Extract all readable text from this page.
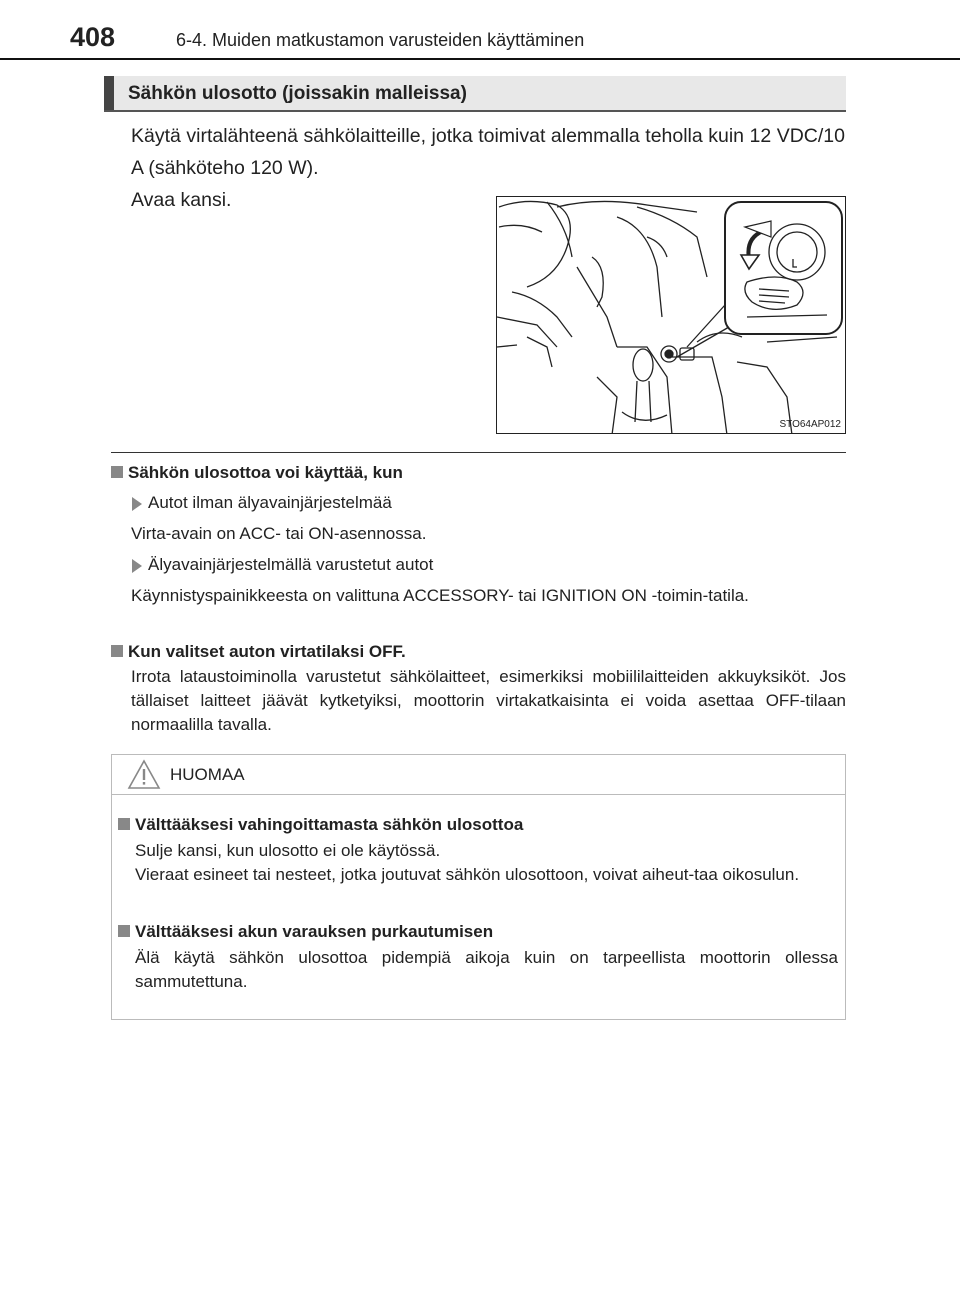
408	6-4. Muiden matkustamon varusteiden käyttäminen
Sähkön ulosotto (joissakin malleissa)
Käytä virtalähteenä sähkölaitteille, jotka toimivat alemmalla teholla kuin 12 VDC/10 A (sähköteho 120 W).
Avaa kansi.
STO64AP012
Sähkön ulosottoa voi käyttää, kun
Autot ilman älyavainjärjestelmää
Virta-avain on ACC- tai ON-asennossa.
Älyavainjärjestelmällä varustetut autot
Käynnistyspainikkeesta on valittuna ACCESSORY- tai IGNITION ON -toimin-tatila.
Kun valitset auton virtatilaksi OFF.
Irrota lataustoiminolla varustetut sähkölaitteet, esimerkiksi mobiililaitteiden akkuyksiköt. Jos tällaiset laitteet jäävät kytketyiksi, moottorin virtakatkaisinta ei voida asettaa OFF-tilaan normaalilla tavalla.
HUOMAA
Välttääksesi vahingoittamasta sähkön ulosottoa
Sulje kansi, kun ulosotto ei ole käytössä.
Vieraat esineet tai nesteet, jotka joutuvat sähkön ulosottoon, voivat aiheut-taa oikosulun.
Välttääksesi akun varauksen purkautumisen
Älä käytä sähkön ulosottoa pidempiä aikoja kuin on tarpeellista moottorin ollessa sammutettuna.
